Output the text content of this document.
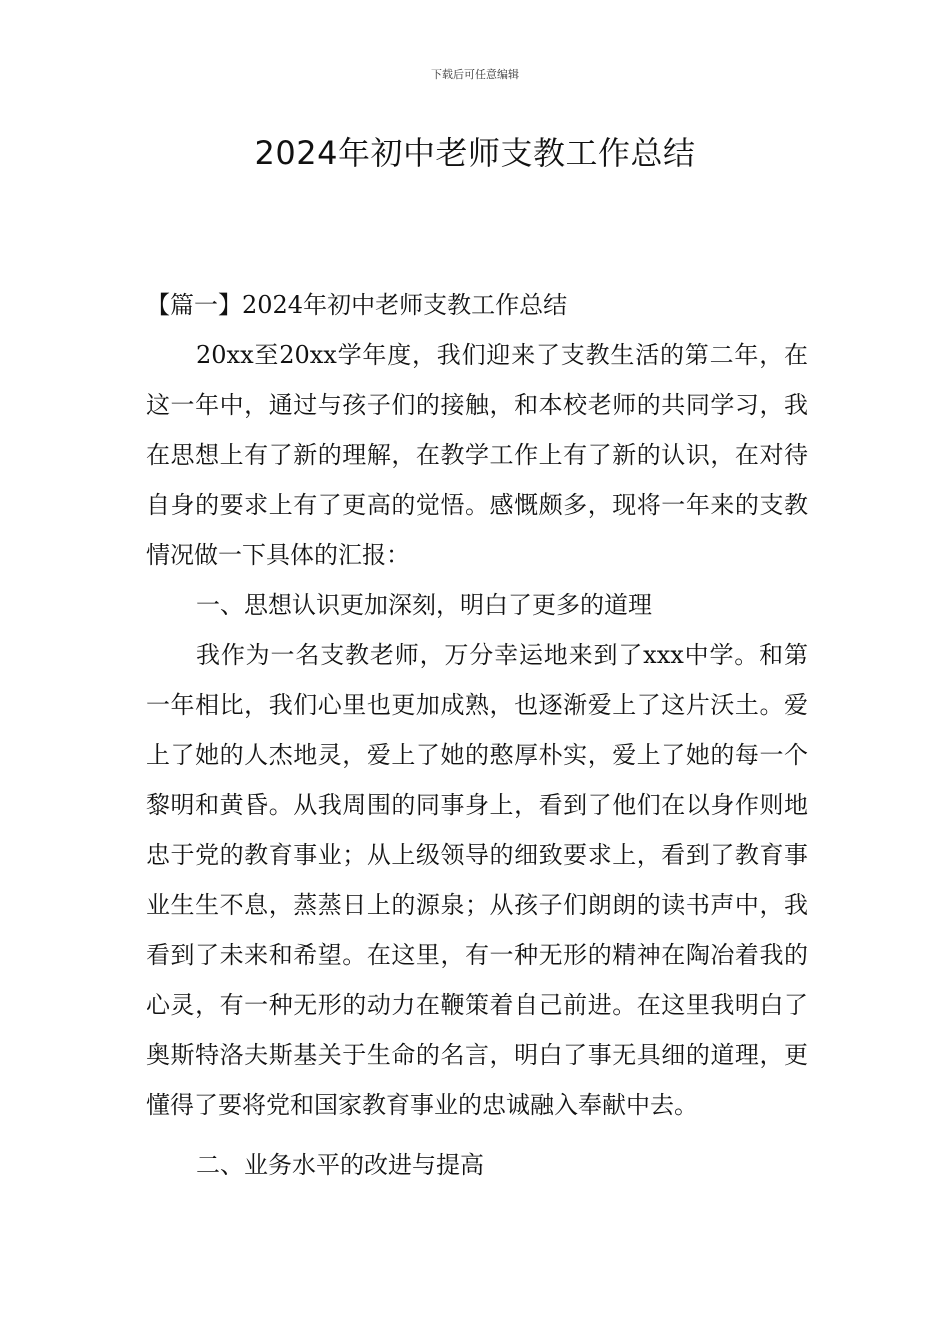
下载后可任意编辑
2024年初中老师支教工作总结

【篇一】2024年初中老师支教工作总结

20xx至20xx学年度，我们迎来了支教生活的第二年，在这一年中，通过与孩子们的接触，和本校老师的共同学习，我在思想上有了新的理解，在教学工作上有了新的认识，在对待自身的要求上有了更高的觉悟。感慨颇多，现将一年来的支教情况做一下具体的汇报：

一、思想认识更加深刻，明白了更多的道理

我作为一名支教老师，万分幸运地来到了xxx中学。和第一年相比，我们心里也更加成熟，也逐渐爱上了这片沃土。爱上了她的人杰地灵，爱上了她的憨厚朴实，爱上了她的每一个黎明和黄昏。从我周围的同事身上，看到了他们在以身作则地忠于党的教育事业；从上级领导的细致要求上，看到了教育事业生生不息，蒸蒸日上的源泉；从孩子们朗朗的读书声中，我看到了未来和希望。在这里，有一种无形的精神在陶冶着我的心灵，有一种无形的动力在鞭策着自己前进。在这里我明白了奥斯特洛夫斯基关于生命的名言，明白了事无具细的道理，更懂得了要将党和国家教育事业的忠诚融入奉献中去。

二、业务水平的改进与提高
